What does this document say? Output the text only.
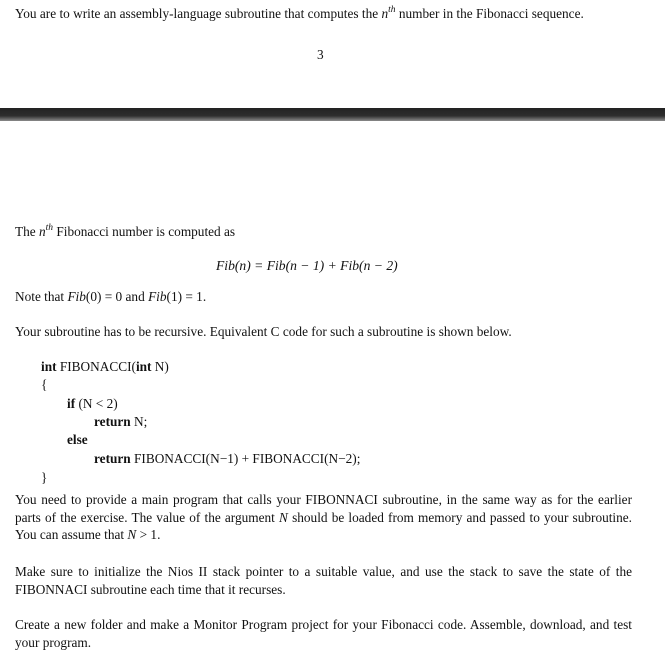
You are to write an assembly-language subroutine that computes the $n^{th}$ number in the Fibonacci sequence.
3
The $n^{th}$ Fibonacci number is computed as
Fib(n) = Fib(n − 1) + Fib(n − 2)
Note that Fib(0) = 0 and Fib(1) = 1.
Your subroutine has to be recursive. Equivalent C code for such a subroutine is shown below.
int FIBONACCI(int N)
{
if (N < 2)
return N;
else
return FIBONACCI(N−1) + FIBONACCI(N−2);
}
You need to provide a main program that calls your FIBONNACI subroutine, in the same way as for the earlier parts of the exercise. The value of the argument N should be loaded from memory and passed to your subroutine. You can assume that N > 1.
Make sure to initialize the Nios II stack pointer to a suitable value, and use the stack to save the state of the FIBONNACI subroutine each time that it recurses.
Create a new folder and make a Monitor Program project for your Fibonacci code. Assemble, download, and test your program.
